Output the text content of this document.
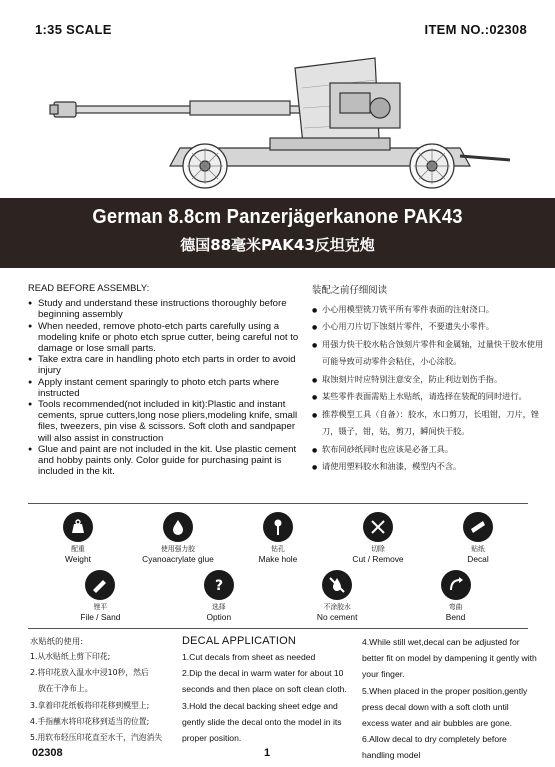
1:35 SCALE	ITEM NO.:02308
German 8.8cm Panzerjägerkanone PAK43
德国88毫米PAK43反坦克炮
READ BEFORE ASSEMBLY:
● Study and understand these instructions thoroughly before beginning assembly
● When needed, remove photo-etch parts carefully using a modeling knife or photo etch sprue cutter, being careful not to damage or lose small parts.
● Take extra care in handling photo etch parts in order to avoid injury
● Apply instant cement sparingly to photo etch parts where instructed
● Tools recommended(not included in kit):Plastic and instant cements, sprue cutters,long nose pliers,modeling knife, small files, tweezers, pin vise & scissors. Soft cloth and sandpaper will also assist in construction
● Glue and paint are not included in the kit. Use plastic cement and hobby paints only. Color guide for purchasing paint is included in the kit.
装配之前仔细阅读
● 小心用模型铣刀铣平所有零件表面的注射浇口。
● 小心用刀片切下蚀刻片零件，不要遗失小零件。
● 用强力快干胶水粘合蚀刻片零件和金属轴，过量快干胶水使用可能导致可动零件会粘住，小心涂胶。
● 取蚀刻片时应特别注意安全，防止利边划伤手指。
● 某些零件表面需贴上水贴纸，请选择在装配的同时进行。
● 推荐模型工具（自备）：胶水，水口剪刀，长咀钳，刀片，锉刀，镊子，钳，钻，剪刀，瞬间快干胶。
● 软布同砂纸同时也应该是必备工具。
● 请使用塑料胶水和油漆，模型内不含。
配重
Weight
使用强力胶
Cyanoacrylate glue
钻孔
Make hole
切除
Cut / Remove
贴纸
Decal
锉平
File / Sand
?
选择
Option
不涂胶水
No cement
弯曲
Bend
水贴纸的使用:
1.从水贴纸上剪下印花;
2.将印花放入温水中浸10秒，然后
放在干净布上。
3.拿着印花纸板将印花移到模型上;
4.手指蘸水将印花移到适当的位置;
5.用软布轻压印花直至水干，汽泡消失
DECAL APPLICATION
1.Cut decals from sheet as needed
2.Dip the decal in warm water for about 10 seconds and then place on soft clean cloth.
3.Hold the decal backing sheet edge and gently slide the decal onto the model in its proper position.
4.While still wet,decal can be adjusted for better fit on model by dampening it gently with your finger.
5.When placed in the proper position,gently press decal down with a soft cloth until excess water and air bubbles are gone.
6.Allow decal to dry completely before handling model
02308	1
